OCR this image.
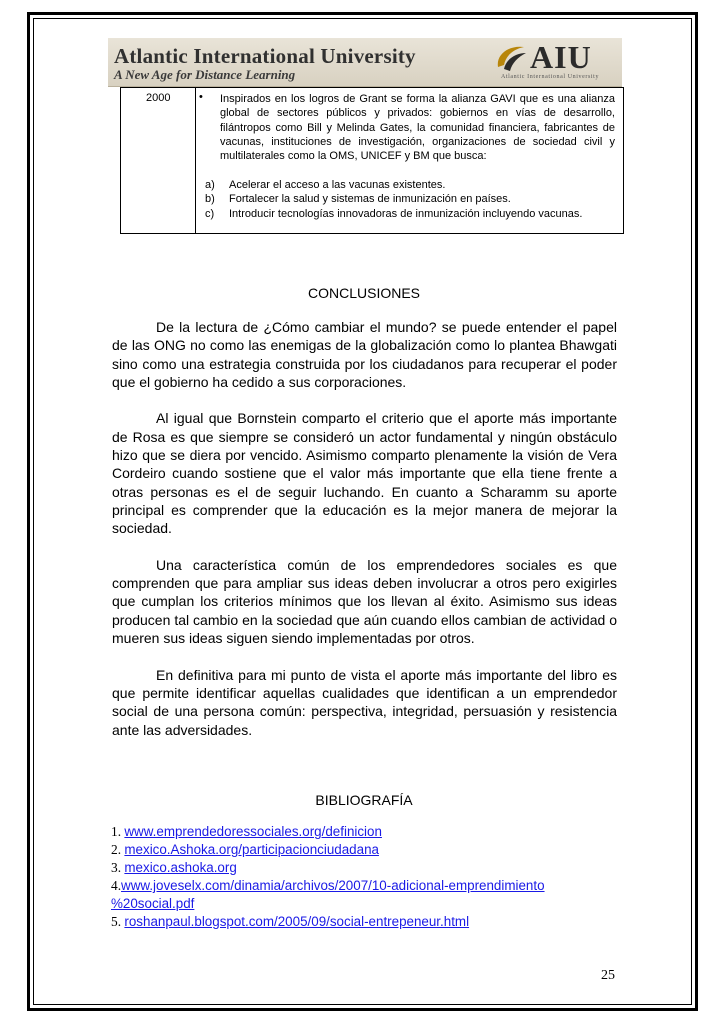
Atlantic International University
A New Age for Distance Learning	AIU
Atlantic International University
2000	• Inspirados en los logros de Grant se forma la alianza GAVI que es una alianza global de sectores públicos y privados: gobiernos en vías de desarrollo, filántropos como Bill y Melinda Gates, la comunidad financiera, fabricantes de vacunas, instituciones de investigación, organizaciones de sociedad civil y multilaterales como la OMS, UNICEF y BM que busca:
a)	Acelerar el acceso a las vacunas existentes.
b)	Fortalecer la salud y sistemas de inmunización en países.
c)	Introducir tecnologías innovadoras de inmunización incluyendo vacunas.
CONCLUSIONES

De la lectura de ¿Cómo cambiar el mundo? se puede entender el papel de las ONG no como las enemigas de la globalización como lo plantea Bhawgati sino como una estrategia construida por los ciudadanos para recuperar el poder que el gobierno ha cedido a sus corporaciones.

Al igual que Bornstein comparto el criterio que el aporte más importante de Rosa es que siempre se consideró un actor fundamental y ningún obstáculo hizo que se diera por vencido. Asimismo comparto plenamente la visión de Vera Cordeiro cuando sostiene que el valor más importante que ella tiene frente a otras personas es el de seguir luchando. En cuanto a Scharamm su aporte principal es comprender que la educación es la mejor manera de mejorar la sociedad.

Una característica común de los emprendedores sociales es que comprenden que para ampliar sus ideas deben involucrar a otros pero exigirles que cumplan los criterios mínimos que los llevan al éxito. Asimismo sus ideas producen tal cambio en la sociedad que aún cuando ellos cambian de actividad o mueren sus ideas siguen siendo implementadas por otros.

En definitiva para mi punto de vista el aporte más importante del libro es que permite identificar aquellas cualidades que identifican a un emprendedor social de una persona común: perspectiva, integridad, persuasión y resistencia ante las adversidades.

BIBLIOGRAFÍA
1. www.emprendedoressociales.org/definicion
2. mexico.Ashoka.org/participacionciudadana
3. mexico.ashoka.org
4.www.joveselx.com/dinamia/archivos/2007/10-adicional-emprendimiento
%20social.pdf
5. roshanpaul.blogspot.com/2005/09/social-entrepeneur.html
25
